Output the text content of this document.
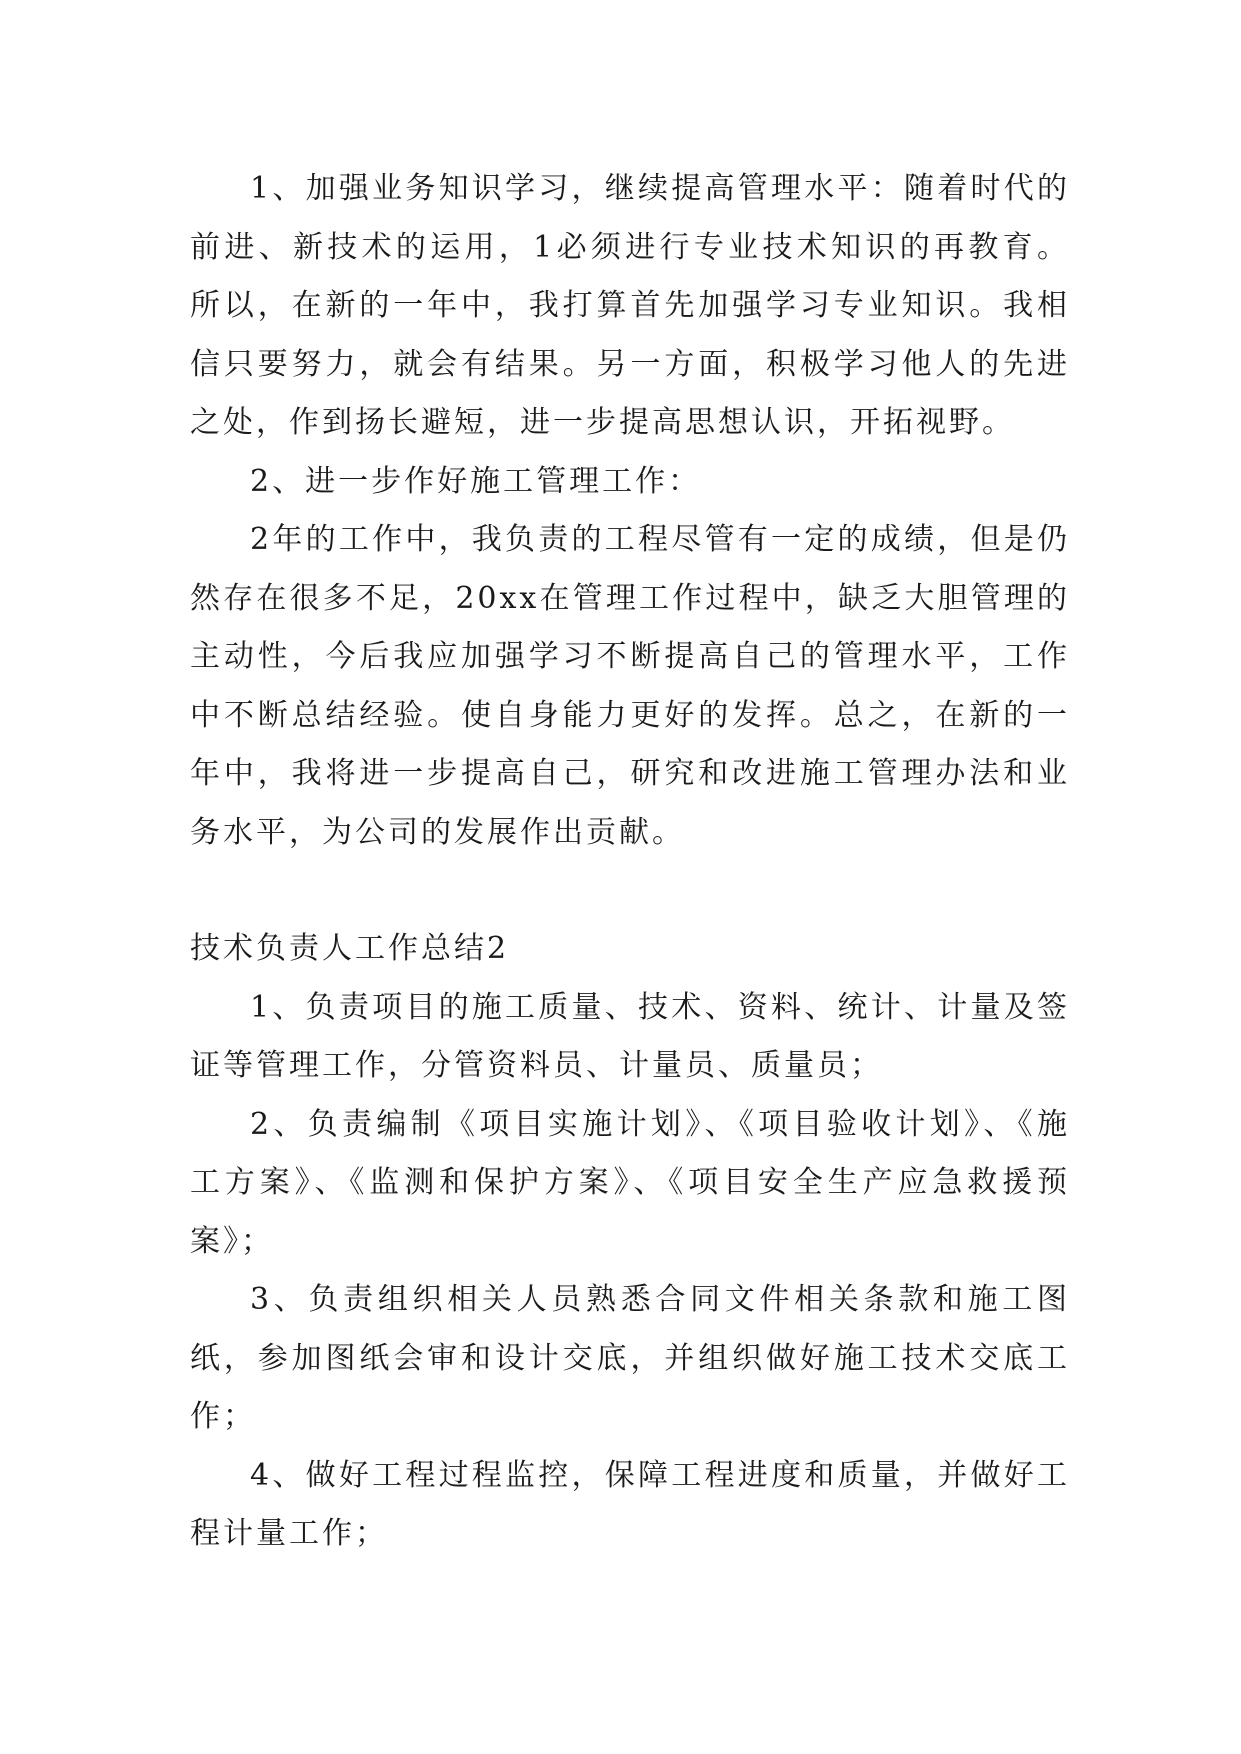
1、加强业务知识学习，继续提高管理水平：随着时代的前进、新技术的运用，1必须进行专业技术知识的再教育。所以，在新的一年中，我打算首先加强学习专业知识。我相信只要努力，就会有结果。另一方面，积极学习他人的先进之处，作到扬长避短，进一步提高思想认识，开拓视野。

2、进一步作好施工管理工作：

2年的工作中，我负责的工程尽管有一定的成绩，但是仍然存在很多不足，20xx在管理工作过程中，缺乏大胆管理的主动性，今后我应加强学习不断提高自己的管理水平，工作中不断总结经验。使自身能力更好的发挥。总之，在新的一年中，我将进一步提高自己，研究和改进施工管理办法和业务水平，为公司的发展作出贡献。

技术负责人工作总结2

1、负责项目的施工质量、技术、资料、统计、计量及签证等管理工作，分管资料员、计量员、质量员；

2、负责编制《项目实施计划》、《项目验收计划》、《施工方案》、《监测和保护方案》、《项目安全生产应急救援预案》；

3、负责组织相关人员熟悉合同文件相关条款和施工图纸，参加图纸会审和设计交底，并组织做好施工技术交底工作；

4、做好工程过程监控，保障工程进度和质量，并做好工程计量工作；
